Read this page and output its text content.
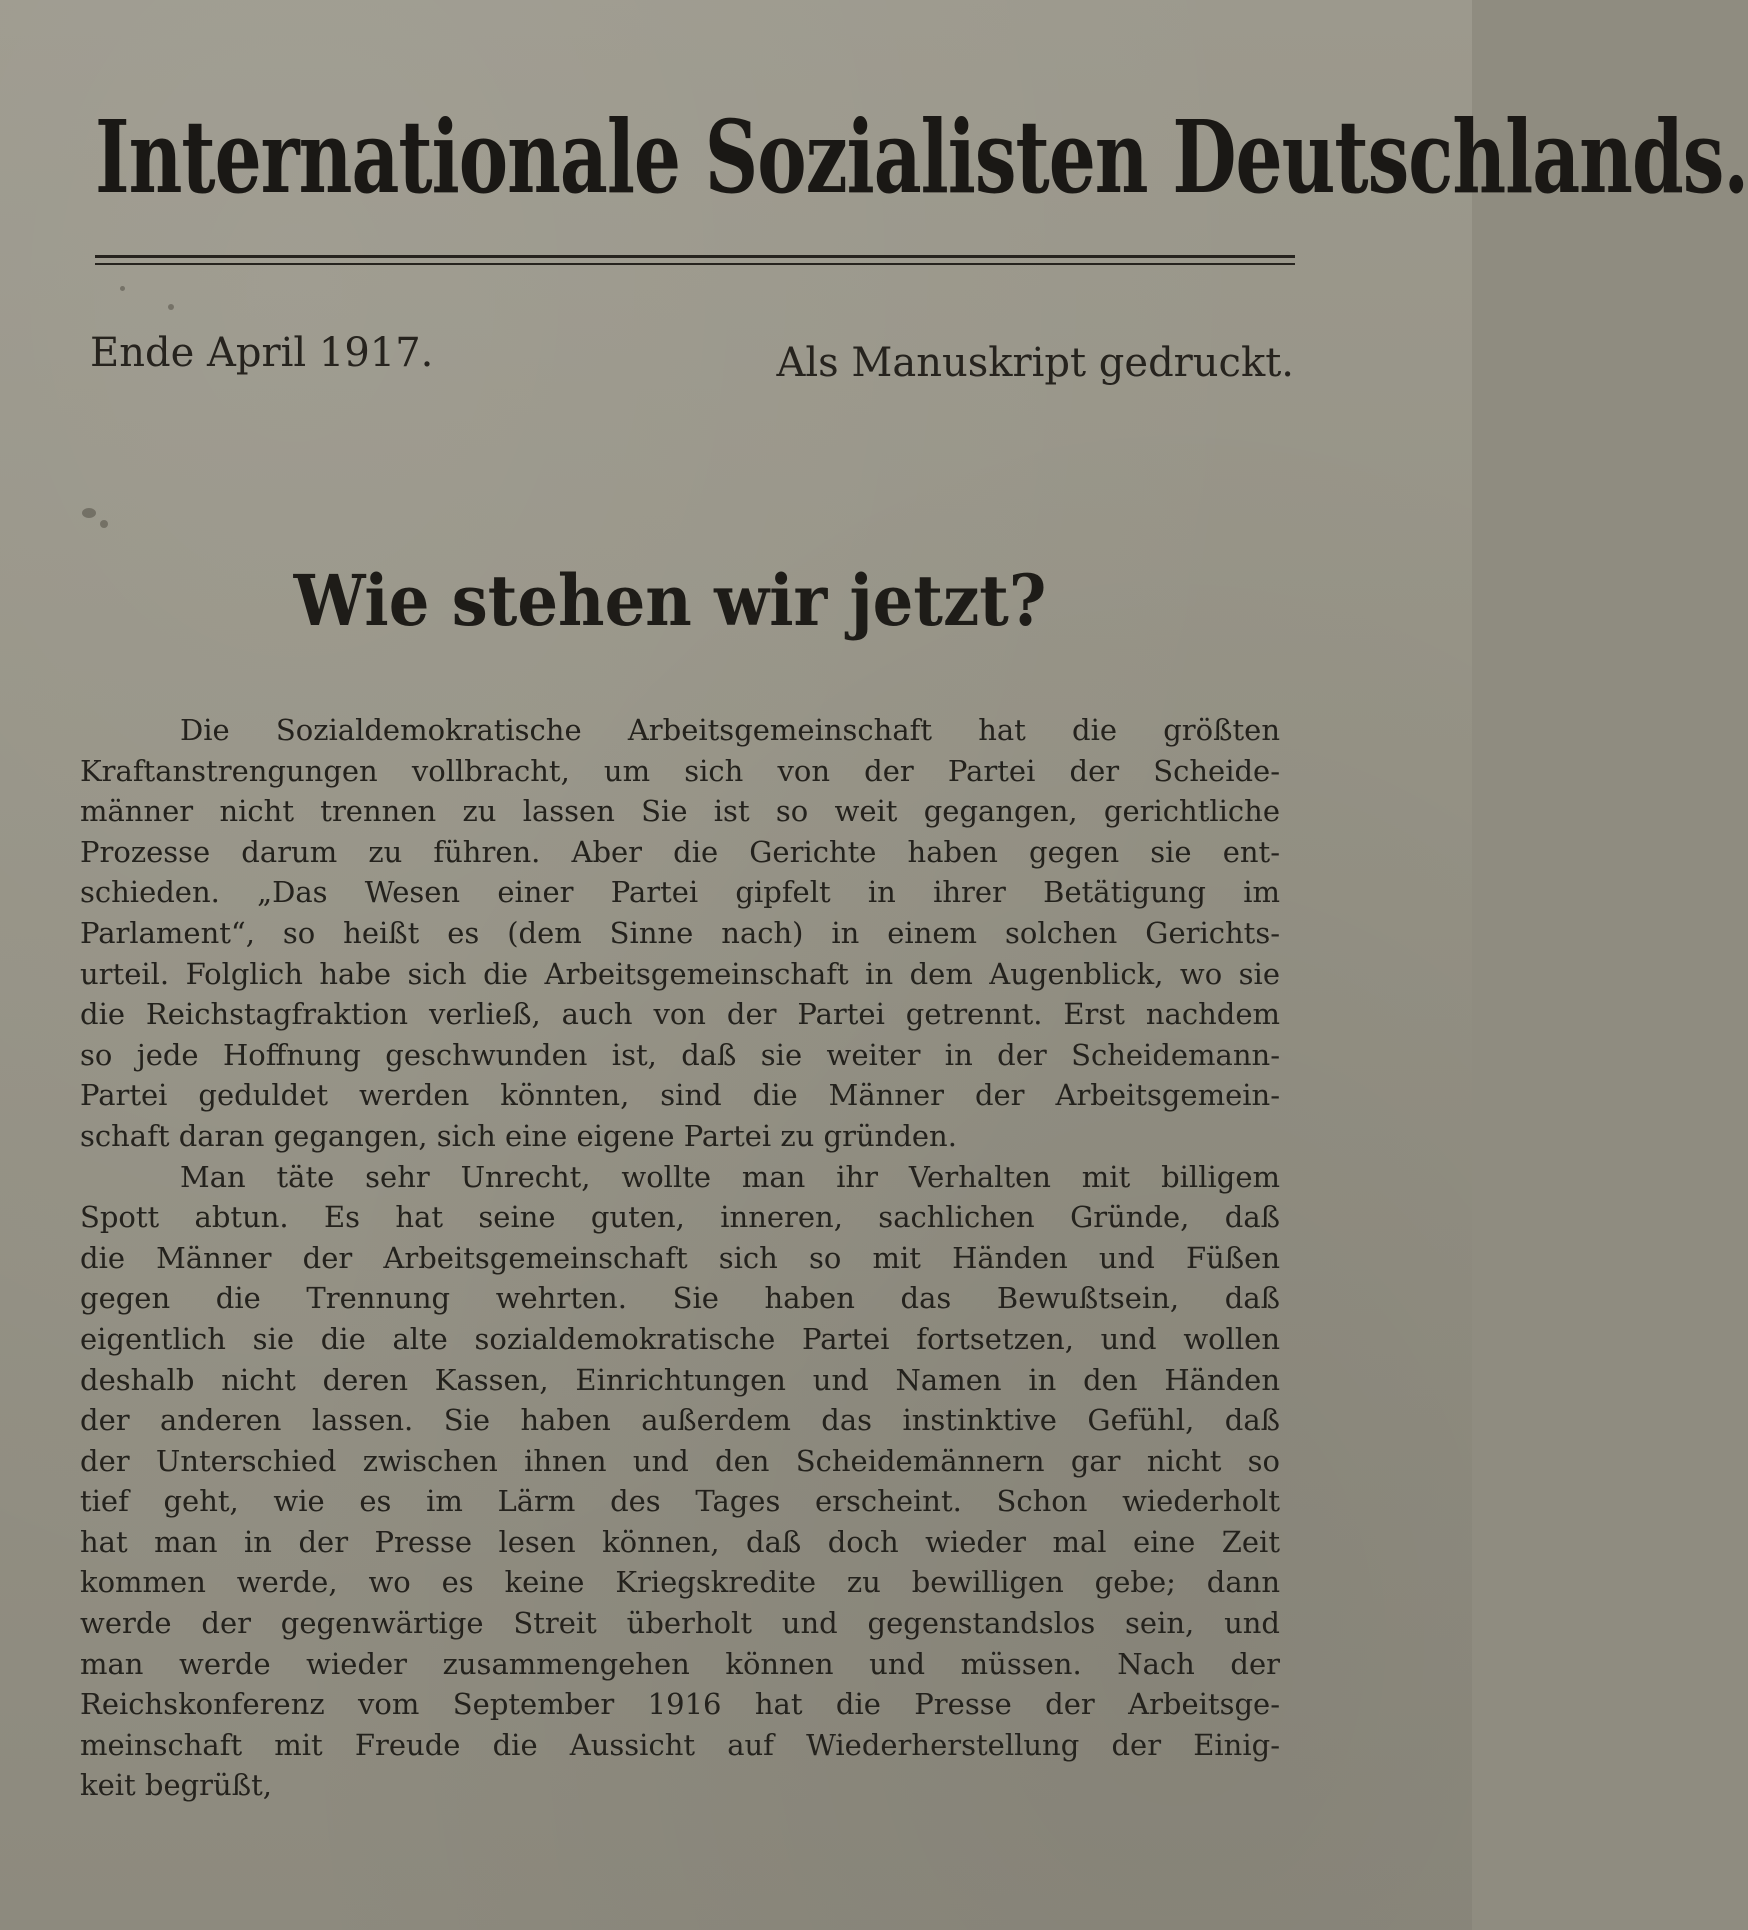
Internationale Sozialisten Deutschlands.
Ende April 1917.	Als Manuskript gedruckt.
Wie stehen wir jetzt?
Die Sozialdemokratische Arbeitsgemeinschaft hat die größten
Kraftanstrengungen vollbracht, um sich von der Partei der Scheide-
männer nicht trennen zu lassen Sie ist so weit gegangen, gerichtliche
Prozesse darum zu führen. Aber die Gerichte haben gegen sie ent-
schieden. „Das Wesen einer Partei gipfelt in ihrer Betätigung im
Parlament“, so heißt es (dem Sinne nach) in einem solchen Gerichts-
urteil. Folglich habe sich die Arbeitsgemeinschaft in dem Augenblick, wo sie
die Reichstagfraktion verließ, auch von der Partei getrennt. Erst nachdem
so jede Hoffnung geschwunden ist, daß sie weiter in der Scheidemann-
Partei geduldet werden könnten, sind die Männer der Arbeitsgemein-
schaft daran gegangen, sich eine eigene Partei zu gründen.
Man täte sehr Unrecht, wollte man ihr Verhalten mit billigem
Spott abtun. Es hat seine guten, inneren, sachlichen Gründe, daß
die Männer der Arbeitsgemeinschaft sich so mit Händen und Füßen
gegen die Trennung wehrten. Sie haben das Bewußtsein, daß
eigentlich sie die alte sozialdemokratische Partei fortsetzen, und wollen
deshalb nicht deren Kassen, Einrichtungen und Namen in den Händen
der anderen lassen. Sie haben außerdem das instinktive Gefühl, daß
der Unterschied zwischen ihnen und den Scheidemännern gar nicht so
tief geht, wie es im Lärm des Tages erscheint. Schon wiederholt
hat man in der Presse lesen können, daß doch wieder mal eine Zeit
kommen werde, wo es keine Kriegskredite zu bewilligen gebe; dann
werde der gegenwärtige Streit überholt und gegenstandslos sein, und
man werde wieder zusammengehen können und müssen. Nach der
Reichskonferenz vom September 1916 hat die Presse der Arbeitsge-
meinschaft mit Freude die Aussicht auf Wiederherstellung der Einig-
keit begrüßt,
